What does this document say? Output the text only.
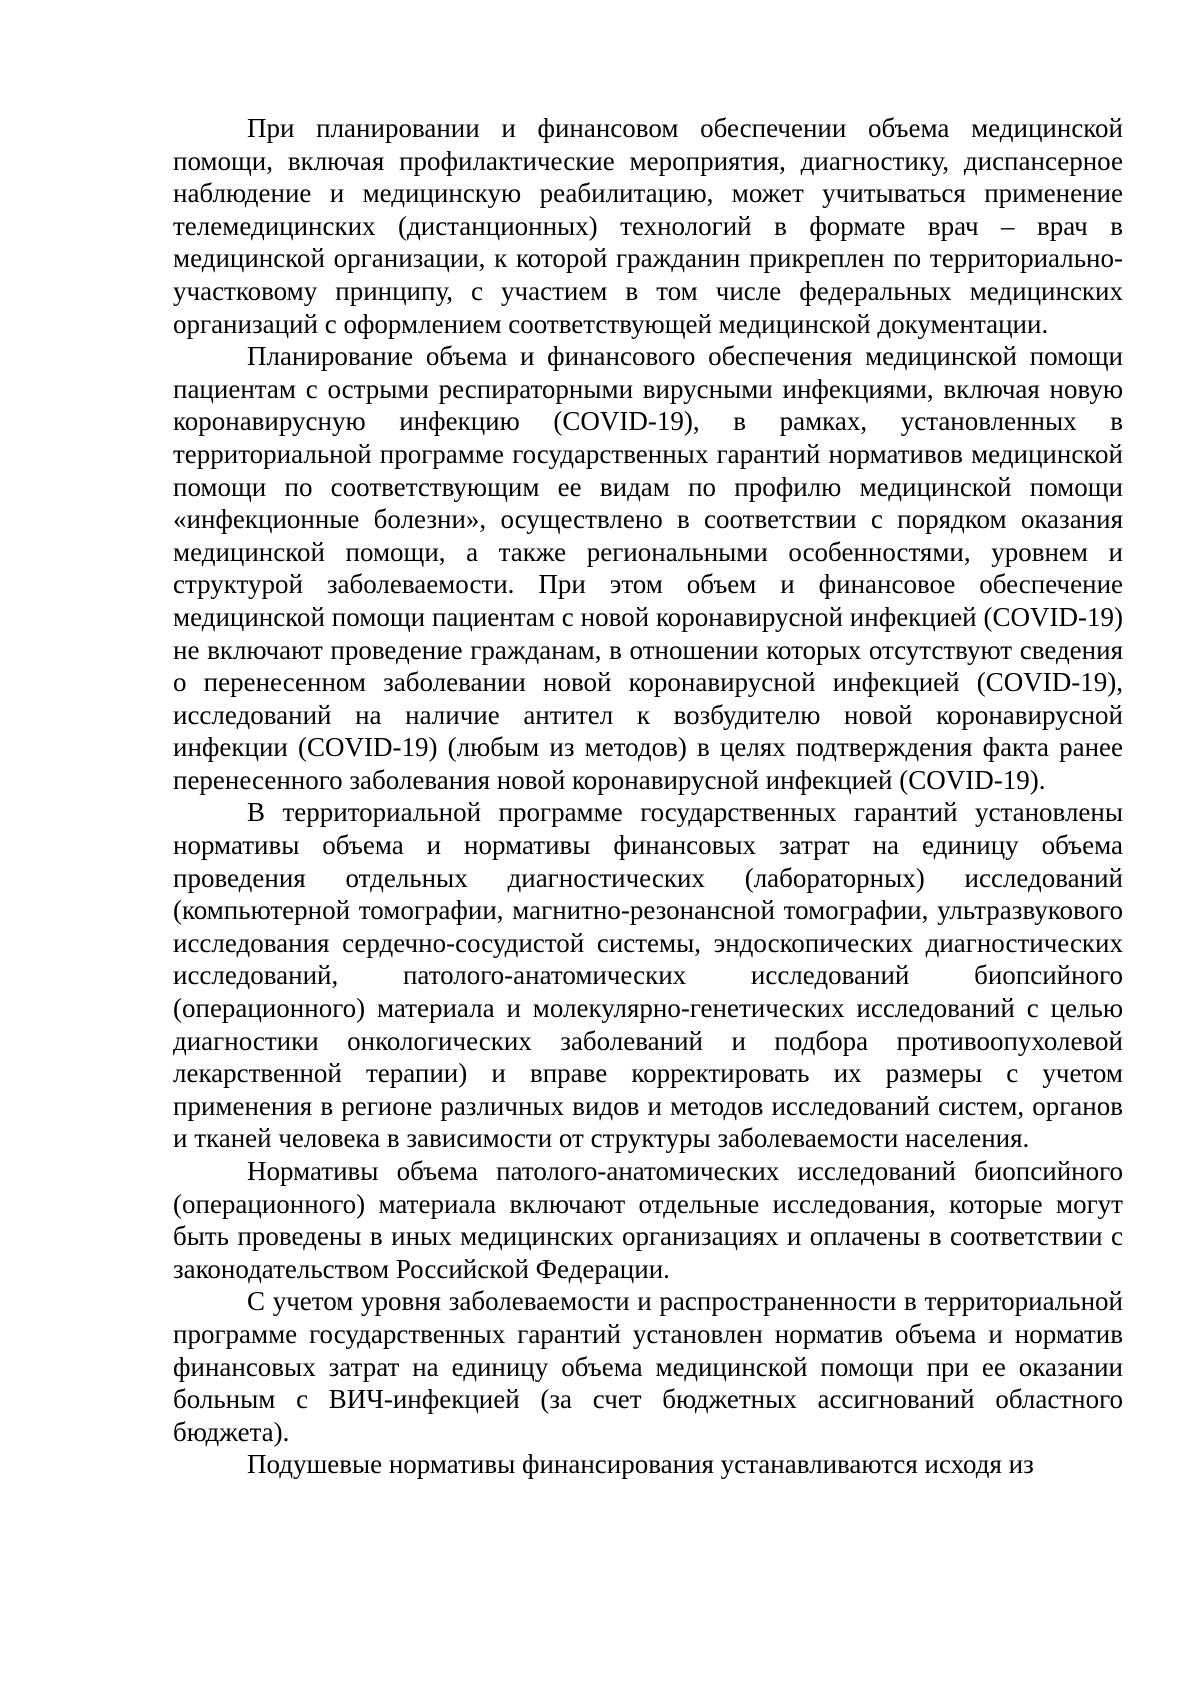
При планировании и финансовом обеспечении объема медицинской помощи, включая профилактические мероприятия, диагностику, диспансерное наблюдение и медицинскую реабилитацию, может учитываться применение телемедицинских (дистанционных) технологий в формате врач – врач в медицинской организации, к которой гражданин прикреплен по территориально-участковому принципу, с участием в том числе федеральных медицинских организаций с оформлением соответствующей медицинской документации.

Планирование объема и финансового обеспечения медицинской помощи пациентам с острыми респираторными вирусными инфекциями, включая новую коронавирусную инфекцию (COVID-19), в рамках, установленных в территориальной программе государственных гарантий нормативов медицинской помощи по соответствующим ее видам по профилю медицинской помощи «инфекционные болезни», осуществлено в соответствии с порядком оказания медицинской помощи, а также региональными особенностями, уровнем и структурой заболеваемости. При этом объем и финансовое обеспечение медицинской помощи пациентам с новой коронавирусной инфекцией (COVID-19) не включают проведение гражданам, в отношении которых отсутствуют сведения о перенесенном заболевании новой коронавирусной инфекцией (COVID-19), исследований на наличие антител к возбудителю новой коронавирусной инфекции (COVID-19) (любым из методов) в целях подтверждения факта ранее перенесенного заболевания новой коронавирусной инфекцией (COVID-19).

В территориальной программе государственных гарантий установлены нормативы объема и нормативы финансовых затрат на единицу объема проведения отдельных диагностических (лабораторных) исследований (компьютерной томографии, магнитно-резонансной томографии, ультразвукового исследования сердечно-сосудистой системы, эндоскопических диагностических исследований, патолого-анатомических исследований биопсийного (операционного) материала и молекулярно-генетических исследований с целью диагностики онкологических заболеваний и подбора противоопухолевой лекарственной терапии) и вправе корректировать их размеры с учетом применения в регионе различных видов и методов исследований систем, органов и тканей человека в зависимости от структуры заболеваемости населения.

Нормативы объема патолого-анатомических исследований биопсийного (операционного) материала включают отдельные исследования, которые могут быть проведены в иных медицинских организациях и оплачены в соответствии с законодательством Российской Федерации.

С учетом уровня заболеваемости и распространенности в территориальной программе государственных гарантий установлен норматив объема и норматив финансовых затрат на единицу объема медицинской помощи при ее оказании больным с ВИЧ-инфекцией (за счет бюджетных ассигнований областного бюджета).

Подушевые нормативы финансирования устанавливаются исходя из
